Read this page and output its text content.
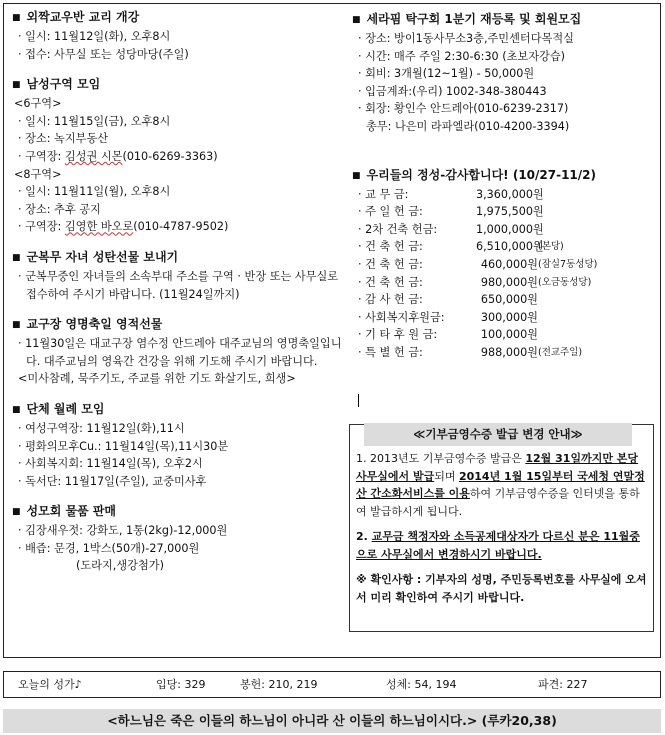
■ 외짝교우반 교리 개강
· 일시: 11월12일(화), 오후8시
· 접수: 사무실 또는 성당마당(주일)
■ 남성구역 모임
<6구역>
· 일시: 11월15일(금), 오후8시
· 장소: 녹지부동산
· 구역장: 김성권 시몬(010-6269-3363)
<8구역>
· 일시: 11월11일(월), 오후8시
· 장소: 추후 공지
· 구역장: 김영한 바오로(010-4787-9502)
■ 군복무 자녀 성탄선물 보내기
· 군복무중인 자녀들의 소속부대 주소를 구역 · 반장 또는 사무실로 접수하여 주시기 바랍니다. (11월24일까지)
■ 교구장 영명축일 영적선물
· 11월30일은 대교구장 염수정 안드레아 대주교님의 영명축일입니다. 대주교님의 영육간 건강을 위해 기도해 주시기 바랍니다.
<미사참례, 묵주기도, 주교를 위한 기도 화살기도, 희생>
■ 단체 월례 모임
· 여성구역장: 11월12일(화),11시
· 평화의모후Cu.: 11월14일(목),11시30분
· 사회복지회: 11월14일(목), 오후2시
· 독서단: 11월17일(주일), 교중미사후
■ 성모회 물품 판매
· 김장새우젓: 강화도, 1통(2kg)-12,000원
· 배즙: 문경, 1박스(50개)-27,000원
(도라지,생강첨가)
■ 세라핌 탁구회 1분기 재등록 및 회원모집
· 장소: 방이1동사무소3층,주민센터다목적실
· 시간: 매주 주일 2:30-6:30 (초보자강습)
· 회비: 3개월(12~1월) - 50,000원
· 입금계좌:(우리) 1002-348-380443
· 회장: 황인수 안드레아(010-6239-2317)
총무: 나은미 라파엘라(010-4200-3394)
■ 우리들의 정성-감사합니다! (10/27-11/2)
· 교 무 금:	3,360,000원
· 주 일 헌 금:	1,975,500원
· 2차 건축 헌금:	1,000,000원
· 건 축 헌 금:	6,510,000원
(본당)
· 건 축 헌 금:	460,000원 (잠실7동성당)
· 건 축 헌 금:	980,000원 (오금동성당)
· 감 사 헌 금:	650,000원
· 사회복지후원금:	300,000원
· 기 타 후 원 금:	100,000원
· 특 별 헌 금:	988,000원 (전교주일)
≪기부금영수증 발급 변경 안내≫

1. 2013년도 기부금영수증 발급은 12월 31일까지만 본당 사무실에서 발급되며 2014년 1월 15일부터 국세청 연말정산 간소화서비스를 이용하여 기부금영수증을 인터넷을 통하여 발급하시게 됩니다.

2. 교무금 책정자와 소득공제대상자가 다르신 분은 11월중으로 사무실에서 변경하시기 바랍니다.

※ 확인사항 : 기부자의 성명, 주민등록번호를 사무실에 오셔서 미리 확인하여 주시기 바랍니다.

오늘의 성가♪	입당: 329	봉헌: 210, 219	성체: 54, 194	파견: 227
<하느님은 죽은 이들의 하느님이 아니라 산 이들의 하느님이시다.> (루카20,38)
